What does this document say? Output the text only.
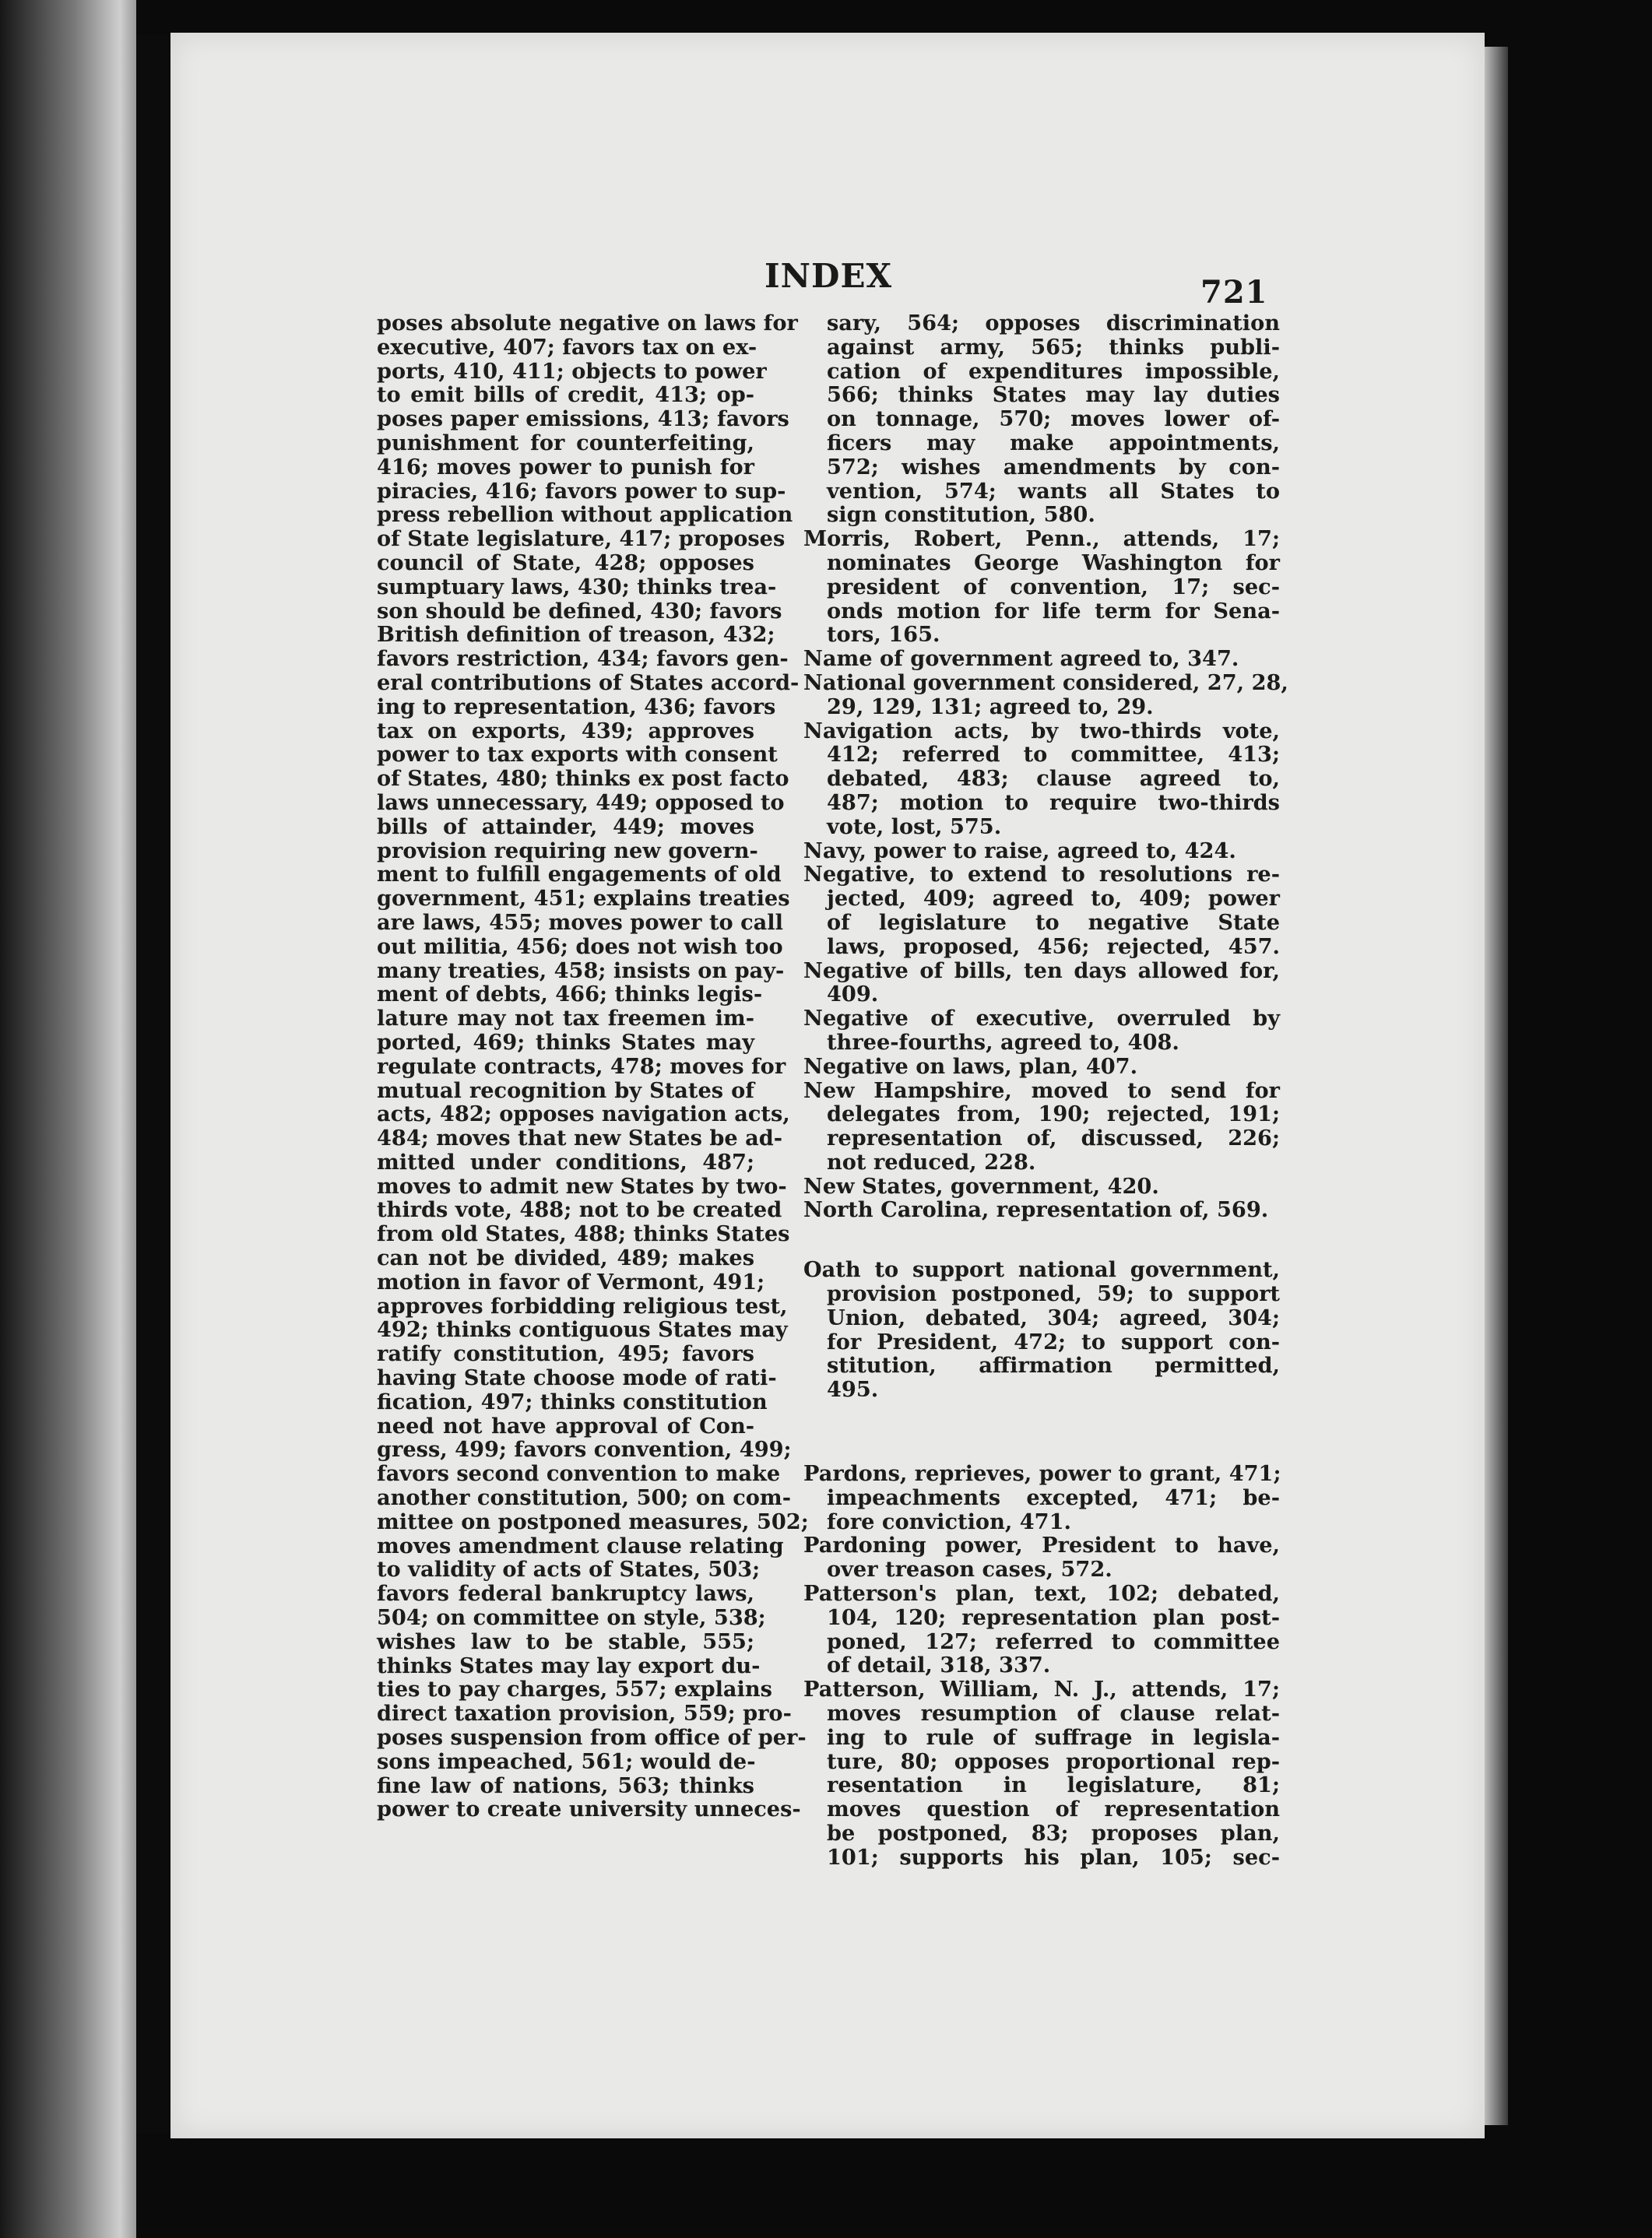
INDEX	721
poses absolute negative on laws for
executive, 407; favors tax on ex-
ports, 410, 411; objects to power
to emit bills of credit, 413; op-
poses paper emissions, 413; favors
punishment for counterfeiting,
416; moves power to punish for
piracies, 416; favors power to sup-
press rebellion without application
of State legislature, 417; proposes
council of State, 428; opposes
sumptuary laws, 430; thinks trea-
son should be defined, 430; favors
British definition of treason, 432;
favors restriction, 434; favors gen-
eral contributions of States accord-
ing to representation, 436; favors
tax on exports, 439; approves
power to tax exports with consent
of States, 480; thinks ex post facto
laws unnecessary, 449; opposed to
bills of attainder, 449; moves
provision requiring new govern-
ment to fulfill engagements of old
government, 451; explains treaties
are laws, 455; moves power to call
out militia, 456; does not wish too
many treaties, 458; insists on pay-
ment of debts, 466; thinks legis-
lature may not tax freemen im-
ported, 469; thinks States may
regulate contracts, 478; moves for
mutual recognition by States of
acts, 482; opposes navigation acts,
484; moves that new States be ad-
mitted under conditions, 487;
moves to admit new States by two-
thirds vote, 488; not to be created
from old States, 488; thinks States
can not be divided, 489; makes
motion in favor of Vermont, 491;
approves forbidding religious test,
492; thinks contiguous States may
ratify constitution, 495; favors
having State choose mode of rati-
fication, 497; thinks constitution
need not have approval of Con-
gress, 499; favors convention, 499;
favors second convention to make
another constitution, 500; on com-
mittee on postponed measures, 502;
moves amendment clause relating
to validity of acts of States, 503;
favors federal bankruptcy laws,
504; on committee on style, 538;
wishes law to be stable, 555;
thinks States may lay export du-
ties to pay charges, 557; explains
direct taxation provision, 559; pro-
poses suspension from office of per-
sons impeached, 561; would de-
fine law of nations, 563; thinks
power to create university unneces-
sary, 564; opposes discrimination
against army, 565; thinks publi-
cation of expenditures impossible,
566; thinks States may lay duties
on tonnage, 570; moves lower of-
ficers may make appointments,
572; wishes amendments by con-
vention, 574; wants all States to
sign constitution, 580.
Morris, Robert, Penn., attends, 17;
nominates George Washington for
president of convention, 17; sec-
onds motion for life term for Sena-
tors, 165.
Name of government agreed to, 347.
National government considered, 27, 28,
29, 129, 131; agreed to, 29.
Navigation acts, by two-thirds vote,
412; referred to committee, 413;
debated, 483; clause agreed to,
487; motion to require two-thirds
vote, lost, 575.
Navy, power to raise, agreed to, 424.
Negative, to extend to resolutions re-
jected, 409; agreed to, 409; power
of legislature to negative State
laws, proposed, 456; rejected, 457.
Negative of bills, ten days allowed for,
409.
Negative of executive, overruled by
three-fourths, agreed to, 408.
Negative on laws, plan, 407.
New Hampshire, moved to send for
delegates from, 190; rejected, 191;
representation of, discussed, 226;
not reduced, 228.
New States, government, 420.
North Carolina, representation of, 569.
Oath to support national government,
provision postponed, 59; to support
Union, debated, 304; agreed, 304;
for President, 472; to support con-
stitution, affirmation permitted,
495.
Pardons, reprieves, power to grant, 471;
impeachments excepted, 471; be-
fore conviction, 471.
Pardoning power, President to have,
over treason cases, 572.
Patterson's plan, text, 102; debated,
104, 120; representation plan post-
poned, 127; referred to committee
of detail, 318, 337.
Patterson, William, N. J., attends, 17;
moves resumption of clause relat-
ing to rule of suffrage in legisla-
ture, 80; opposes proportional rep-
resentation in legislature, 81;
moves question of representation
be postponed, 83; proposes plan,
101; supports his plan, 105; sec-
